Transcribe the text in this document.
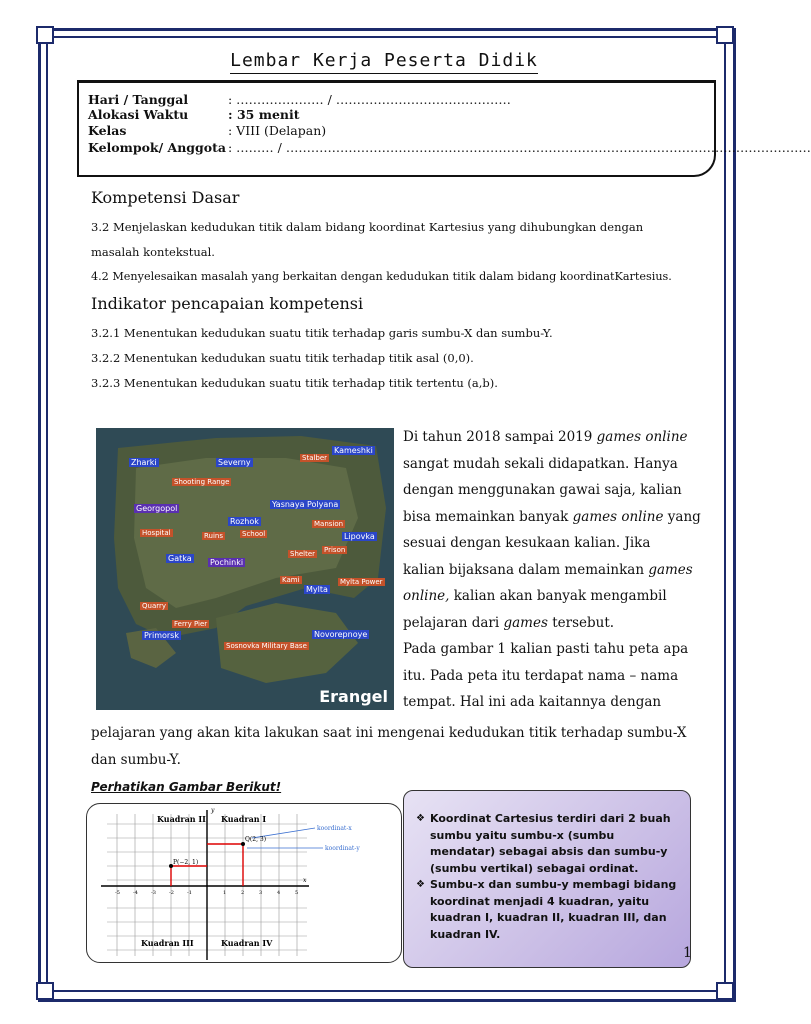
Lembar Kerja Peserta Didik
Hari / Tanggal	: ………………… / ……………………………………
Alokasi Waktu	: 35 menit
Kelas	: VIII (Delapan)
Kelompok/ Anggota : ……… / ………………………………………………………………………………………………………………
Kompetensi Dasar
3.2 Menjelaskan kedudukan titik dalam bidang koordinat Kartesius yang dihubungkan dengan
masalah kontekstual.
4.2 Menyelesaikan masalah yang berkaitan dengan kedudukan titik dalam bidang koordinatKartesius.
Indikator pencapaian kompetensi
3.2.1 Menentukan kedudukan suatu titik terhadap garis sumbu-X dan sumbu-Y.
3.2.2 Menentukan kedudukan suatu titik terhadap titik asal (0,0).
3.2.3 Menentukan kedudukan suatu titik terhadap titik tertentu (a,b).
Zharki	Severny	Stalber
Kameshki
Shooting Range
Georgopol	Yasnaya Polyana
Rozhok	Mansion
Hospital	Ruins	School	Lipovka
Gatka Pochinki
Shelter Prison
Kami	Mylta Power
Mylta
Quarry
Ferry Pier
Primorsk	Novorepnoye
Sosnovka Military Base
Erangel
Di tahun 2018 sampai 2019 games online
sangat mudah sekali didapatkan. Hanya
dengan menggunakan gawai saja, kalian
bisa memainkan banyak games online yang
sesuai dengan kesukaan kalian. Jika
kalian bijaksana dalam memainkan games
online, kalian akan banyak mengambil
pelajaran dari games tersebut.
Pada gambar 1 kalian pasti tahu peta apa
itu. Pada peta itu terdapat nama – nama
tempat. Hal ini ada kaitannya dengan
pelajaran yang akan kita lakukan saat ini mengenai kedudukan titik terhadap sumbu-X
dan sumbu-Y.
Perhatikan Gambar Berikut!
Kuadran II Kuadran I
Kuadran III	Kuadran IV
y
x
Q(2, 3)
P(−2, 1)
koordinat-x
koordinat-y
-5	-4	-3	-2	-1	1	2	3	4	5
❖ Koordinat Cartesius terdiri dari 2 buah sumbu yaitu sumbu-x (sumbu mendatar) sebagai absis dan sumbu-y (sumbu vertikal) sebagai ordinat.
❖ Sumbu-x dan sumbu-y membagi bidang koordinat menjadi 4 kuadran, yaitu kuadran I, kuadran II, kuadran III, dan kuadran IV.
1
